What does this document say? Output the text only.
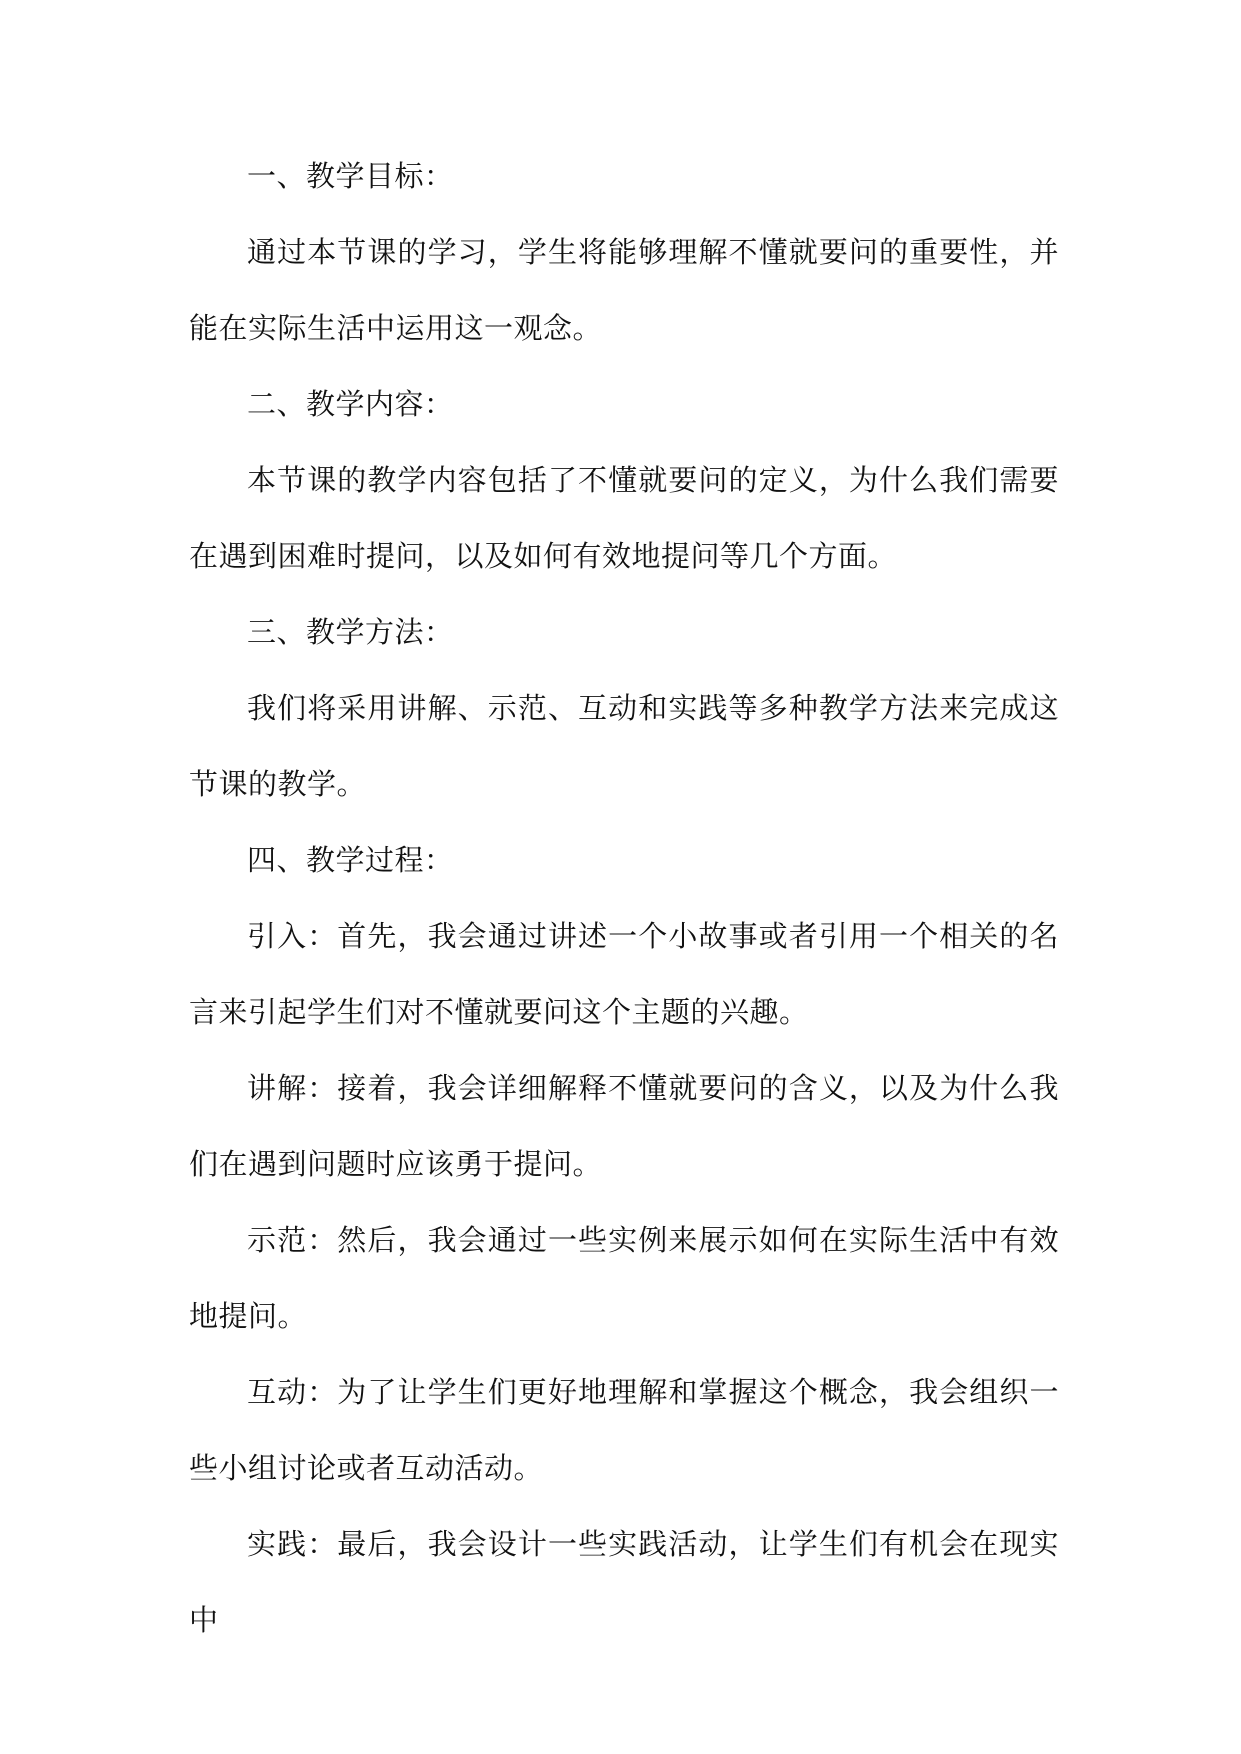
一、教学目标：

通过本节课的学习，学生将能够理解不懂就要问的重要性，并能在实际生活中运用这一观念。

二、教学内容：

本节课的教学内容包括了不懂就要问的定义，为什么我们需要在遇到困难时提问，以及如何有效地提问等几个方面。

三、教学方法：

我们将采用讲解、示范、互动和实践等多种教学方法来完成这节课的教学。

四、教学过程：

引入：首先，我会通过讲述一个小故事或者引用一个相关的名言来引起学生们对不懂就要问这个主题的兴趣。

讲解：接着，我会详细解释不懂就要问的含义，以及为什么我们在遇到问题时应该勇于提问。

示范：然后，我会通过一些实例来展示如何在实际生活中有效地提问。

互动：为了让学生们更好地理解和掌握这个概念，我会组织一些小组讨论或者互动活动。

实践：最后，我会设计一些实践活动，让学生们有机会在现实中
